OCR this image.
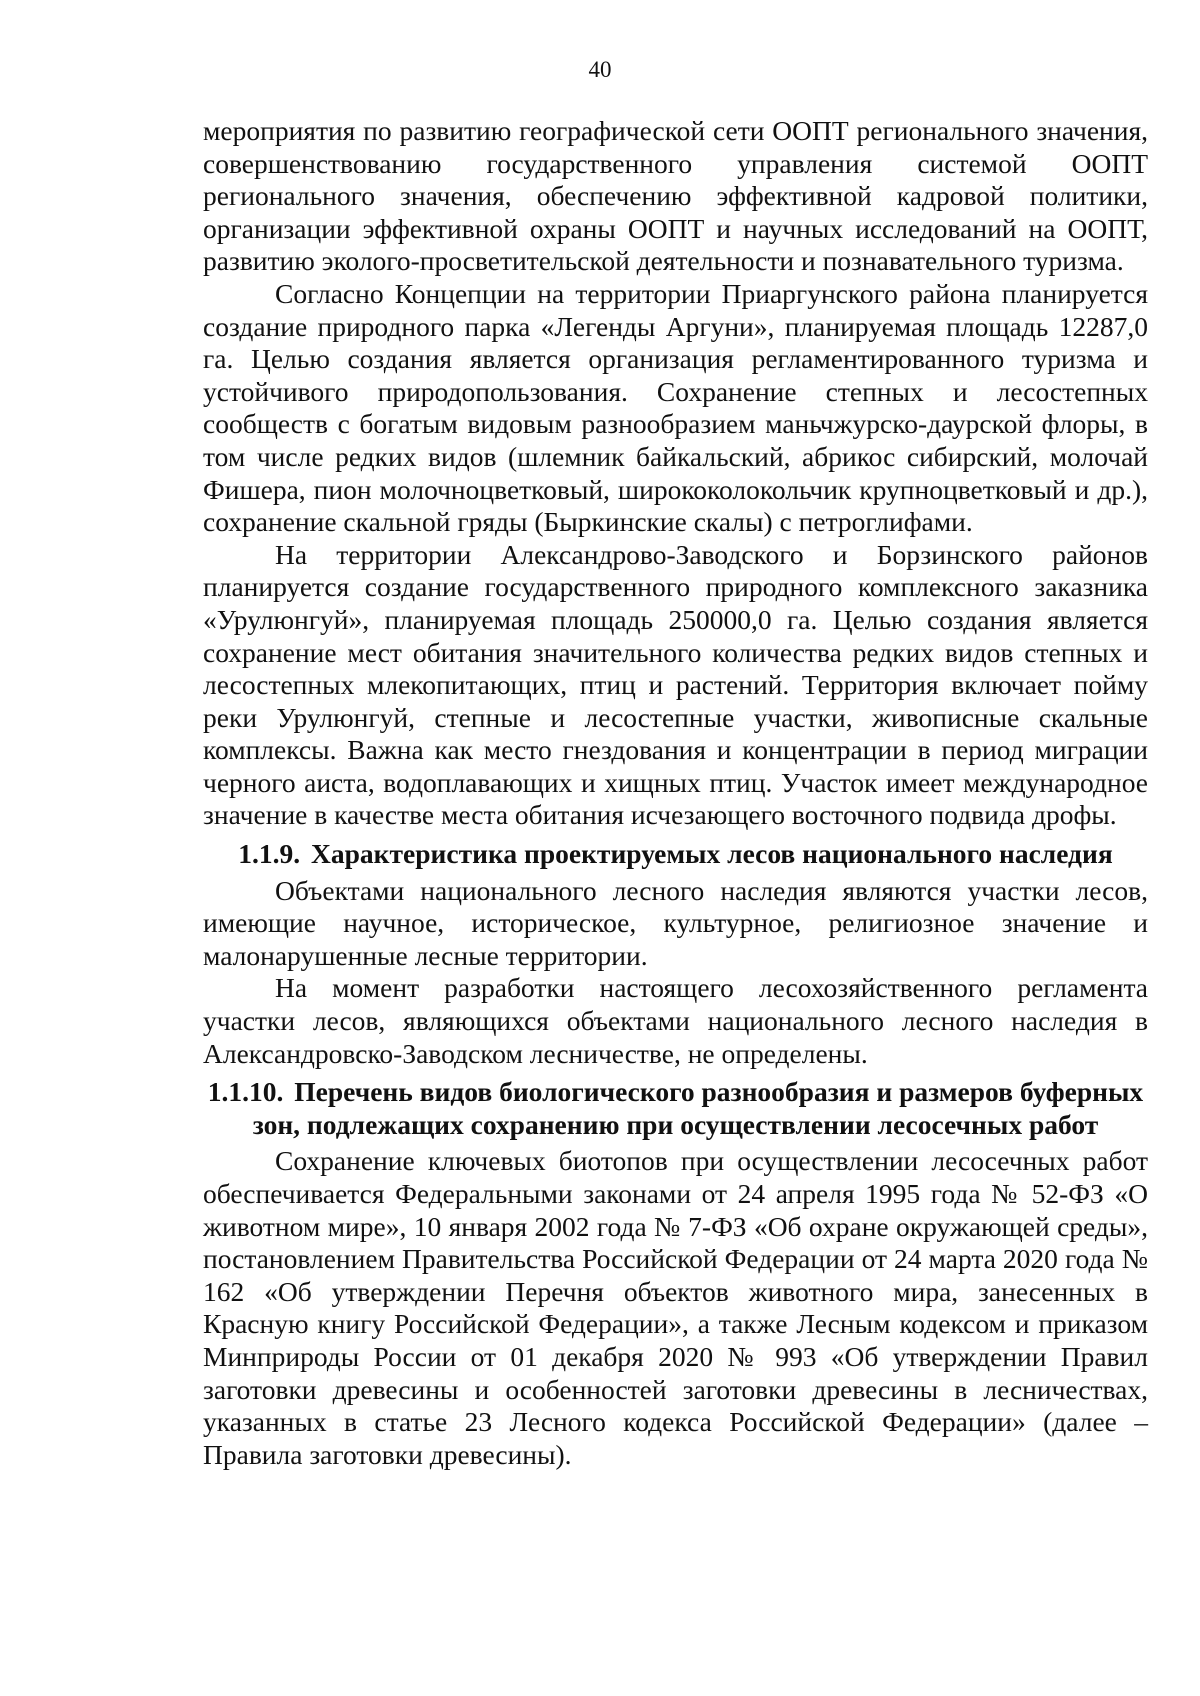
40

мероприятия по развитию географической сети ООПТ регионального значения, совершенствованию государственного управления системой ООПТ регионального значения, обеспечению эффективной кадровой политики, организации эффективной охраны ООПТ и научных исследований на ООПТ, развитию эколого-просветительской деятельности и познавательного туризма.

Согласно Концепции на территории Приаргунского района планируется создание природного парка «Легенды Аргуни», планируемая площадь 12287,0 га. Целью создания является организация регламентированного туризма и устойчивого природопользования. Сохранение степных и лесостепных сообществ с богатым видовым разнообразием маньчжурско-даурской флоры, в том числе редких видов (шлемник байкальский, абрикос сибирский, молочай Фишера, пион молочноцветковый, ширококолокольчик крупноцветковый и др.), сохранение скальной гряды (Быркинские скалы) с петроглифами.

На территории Александрово-Заводского и Борзинского районов планируется создание государственного природного комплексного заказника «Урулюнгуй», планируемая площадь 250000,0 га. Целью создания является сохранение мест обитания значительного количества редких видов степных и лесостепных млекопитающих, птиц и растений. Территория включает пойму реки Урулюнгуй, степные и лесостепные участки, живописные скальные комплексы. Важна как место гнездования и концентрации в период миграции черного аиста, водоплавающих и хищных птиц. Участок имеет международное значение в качестве места обитания исчезающего восточного подвида дрофы.

1.1.9. Характеристика проектируемых лесов национального наследия

Объектами национального лесного наследия являются участки лесов, имеющие научное, историческое, культурное, религиозное значение и малонарушенные лесные территории.

На момент разработки настоящего лесохозяйственного регламента участки лесов, являющихся объектами национального лесного наследия в Александровско-Заводском лесничестве, не определены.

1.1.10. Перечень видов биологического разнообразия и размеров буферных зон, подлежащих сохранению при осуществлении лесосечных работ

Сохранение ключевых биотопов при осуществлении лесосечных работ обеспечивается Федеральными законами от 24 апреля 1995 года № 52-ФЗ «О животном мире», 10 января 2002 года № 7-ФЗ «Об охране окружающей среды», постановлением Правительства Российской Федерации от 24 марта 2020 года № 162 «Об утверждении Перечня объектов животного мира, занесенных в Красную книгу Российской Федерации», а также Лесным кодексом и приказом Минприроды России от 01 декабря 2020 № 993 «Об утверждении Правил заготовки древесины и особенностей заготовки древесины в лесничествах, указанных в статье 23 Лесного кодекса Российской Федерации» (далее – Правила заготовки древесины).
